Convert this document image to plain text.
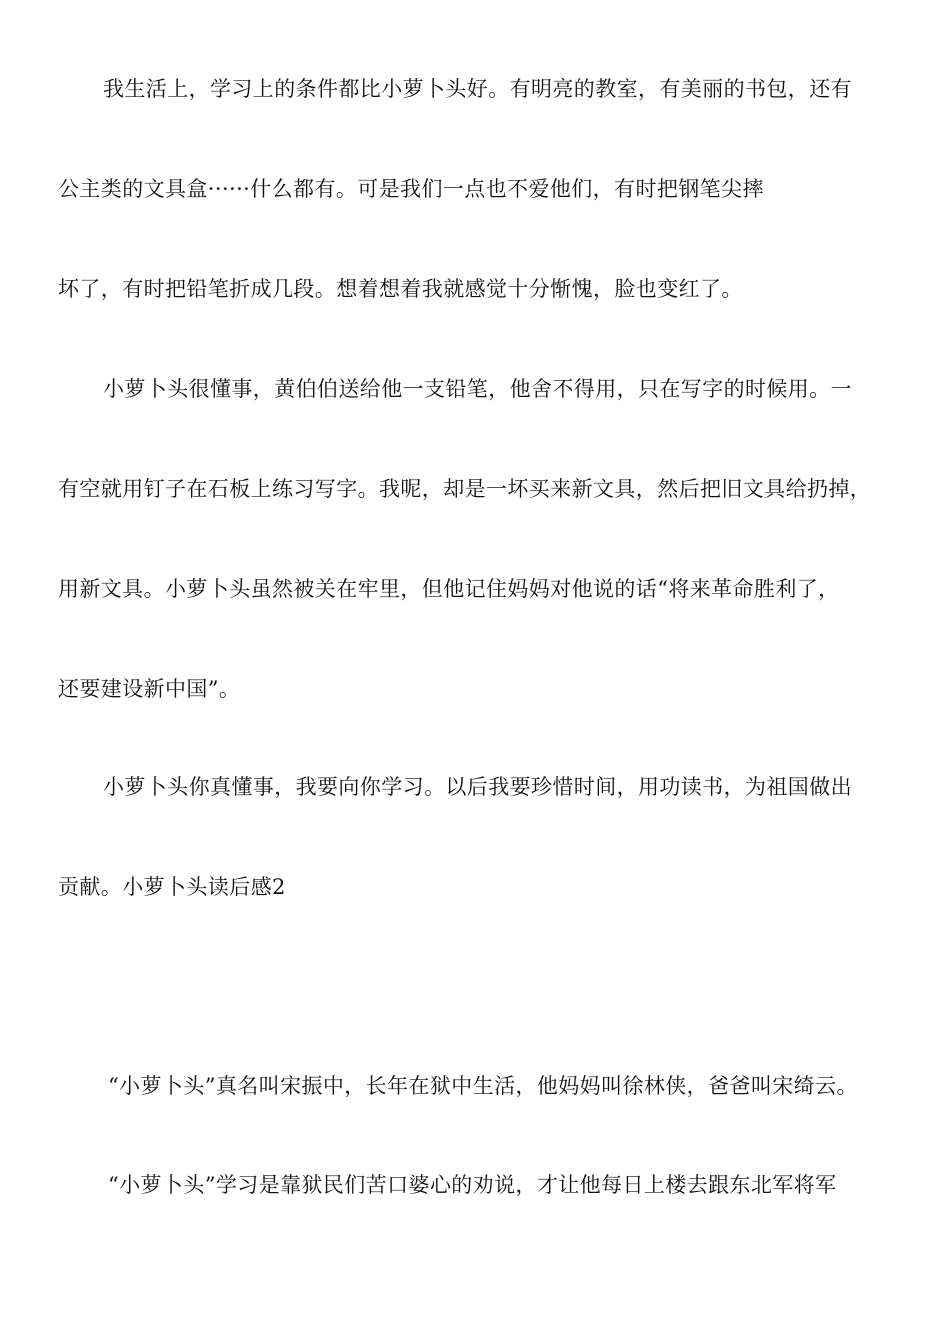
我生活上，学习上的条件都比小萝卜头好。有明亮的教室，有美丽的书包，还有
公主类的文具盒······什么都有。可是我们一点也不爱他们，有时把钢笔尖摔
坏了，有时把铅笔折成几段。想着想着我就感觉十分惭愧，脸也变红了。
小萝卜头很懂事，黄伯伯送给他一支铅笔，他舍不得用，只在写字的时候用。一
有空就用钉子在石板上练习写字。我呢，却是一坏买来新文具，然后把旧文具给扔掉，
用新文具。小萝卜头虽然被关在牢里，但他记住妈妈对他说的话“将来革命胜利了，
还要建设新中国”。
小萝卜头你真懂事，我要向你学习。以后我要珍惜时间，用功读书，为祖国做出
贡献。小萝卜头读后感2
“小萝卜头”真名叫宋振中，长年在狱中生活，他妈妈叫徐林侠，爸爸叫宋绮云。
“小萝卜头”学习是靠狱民们苦口婆心的劝说，才让他每日上楼去跟东北军将军
